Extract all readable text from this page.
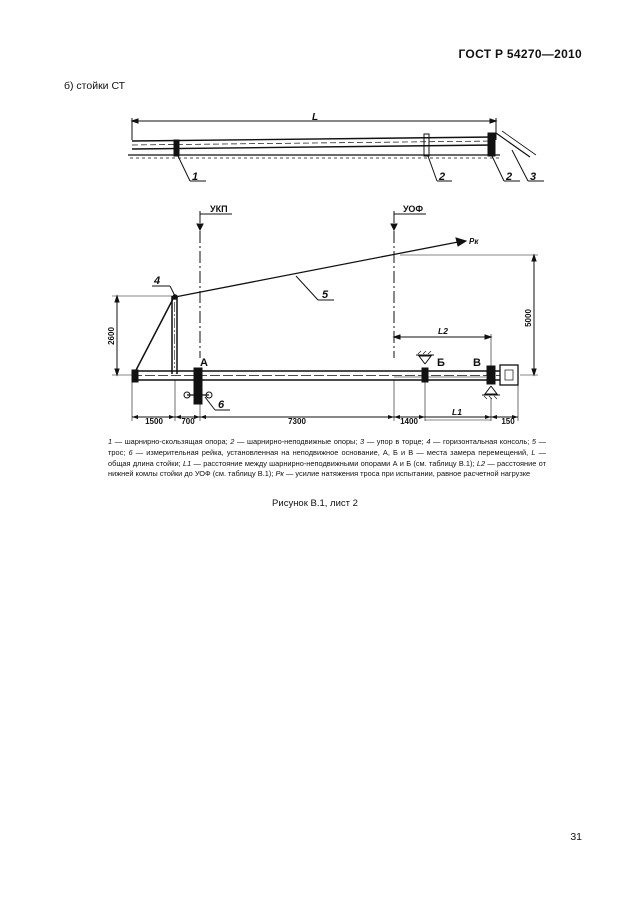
ГОСТ Р 54270—2010
б) стойки СТ
L
1	2	2 3
УКП	УОФ
Pк
4
5
6
А	Б	В
L2
L1
2600
5000
1500 700	7300	1400	150
1 — шарнирно-скользящая опора; 2 — шарнирно-неподвижные опоры; 3 — упор в торце; 4 — горизонтальная консоль; 5 — трос; 6 — измерительная рейка, установленная на неподвижное основание, А, Б и В — места замера перемещений, L — общая длина стойки; L1 — расстояние между шарнирно-неподвижными опорами А и Б (см. таблицу В.1); L2 — расстояние от нижней комлы стойки до УОФ (см. таблицу В.1); Pк — усилие натяжения троса при испытании, равное расчетной нагрузке
Рисунок В.1, лист 2
31
